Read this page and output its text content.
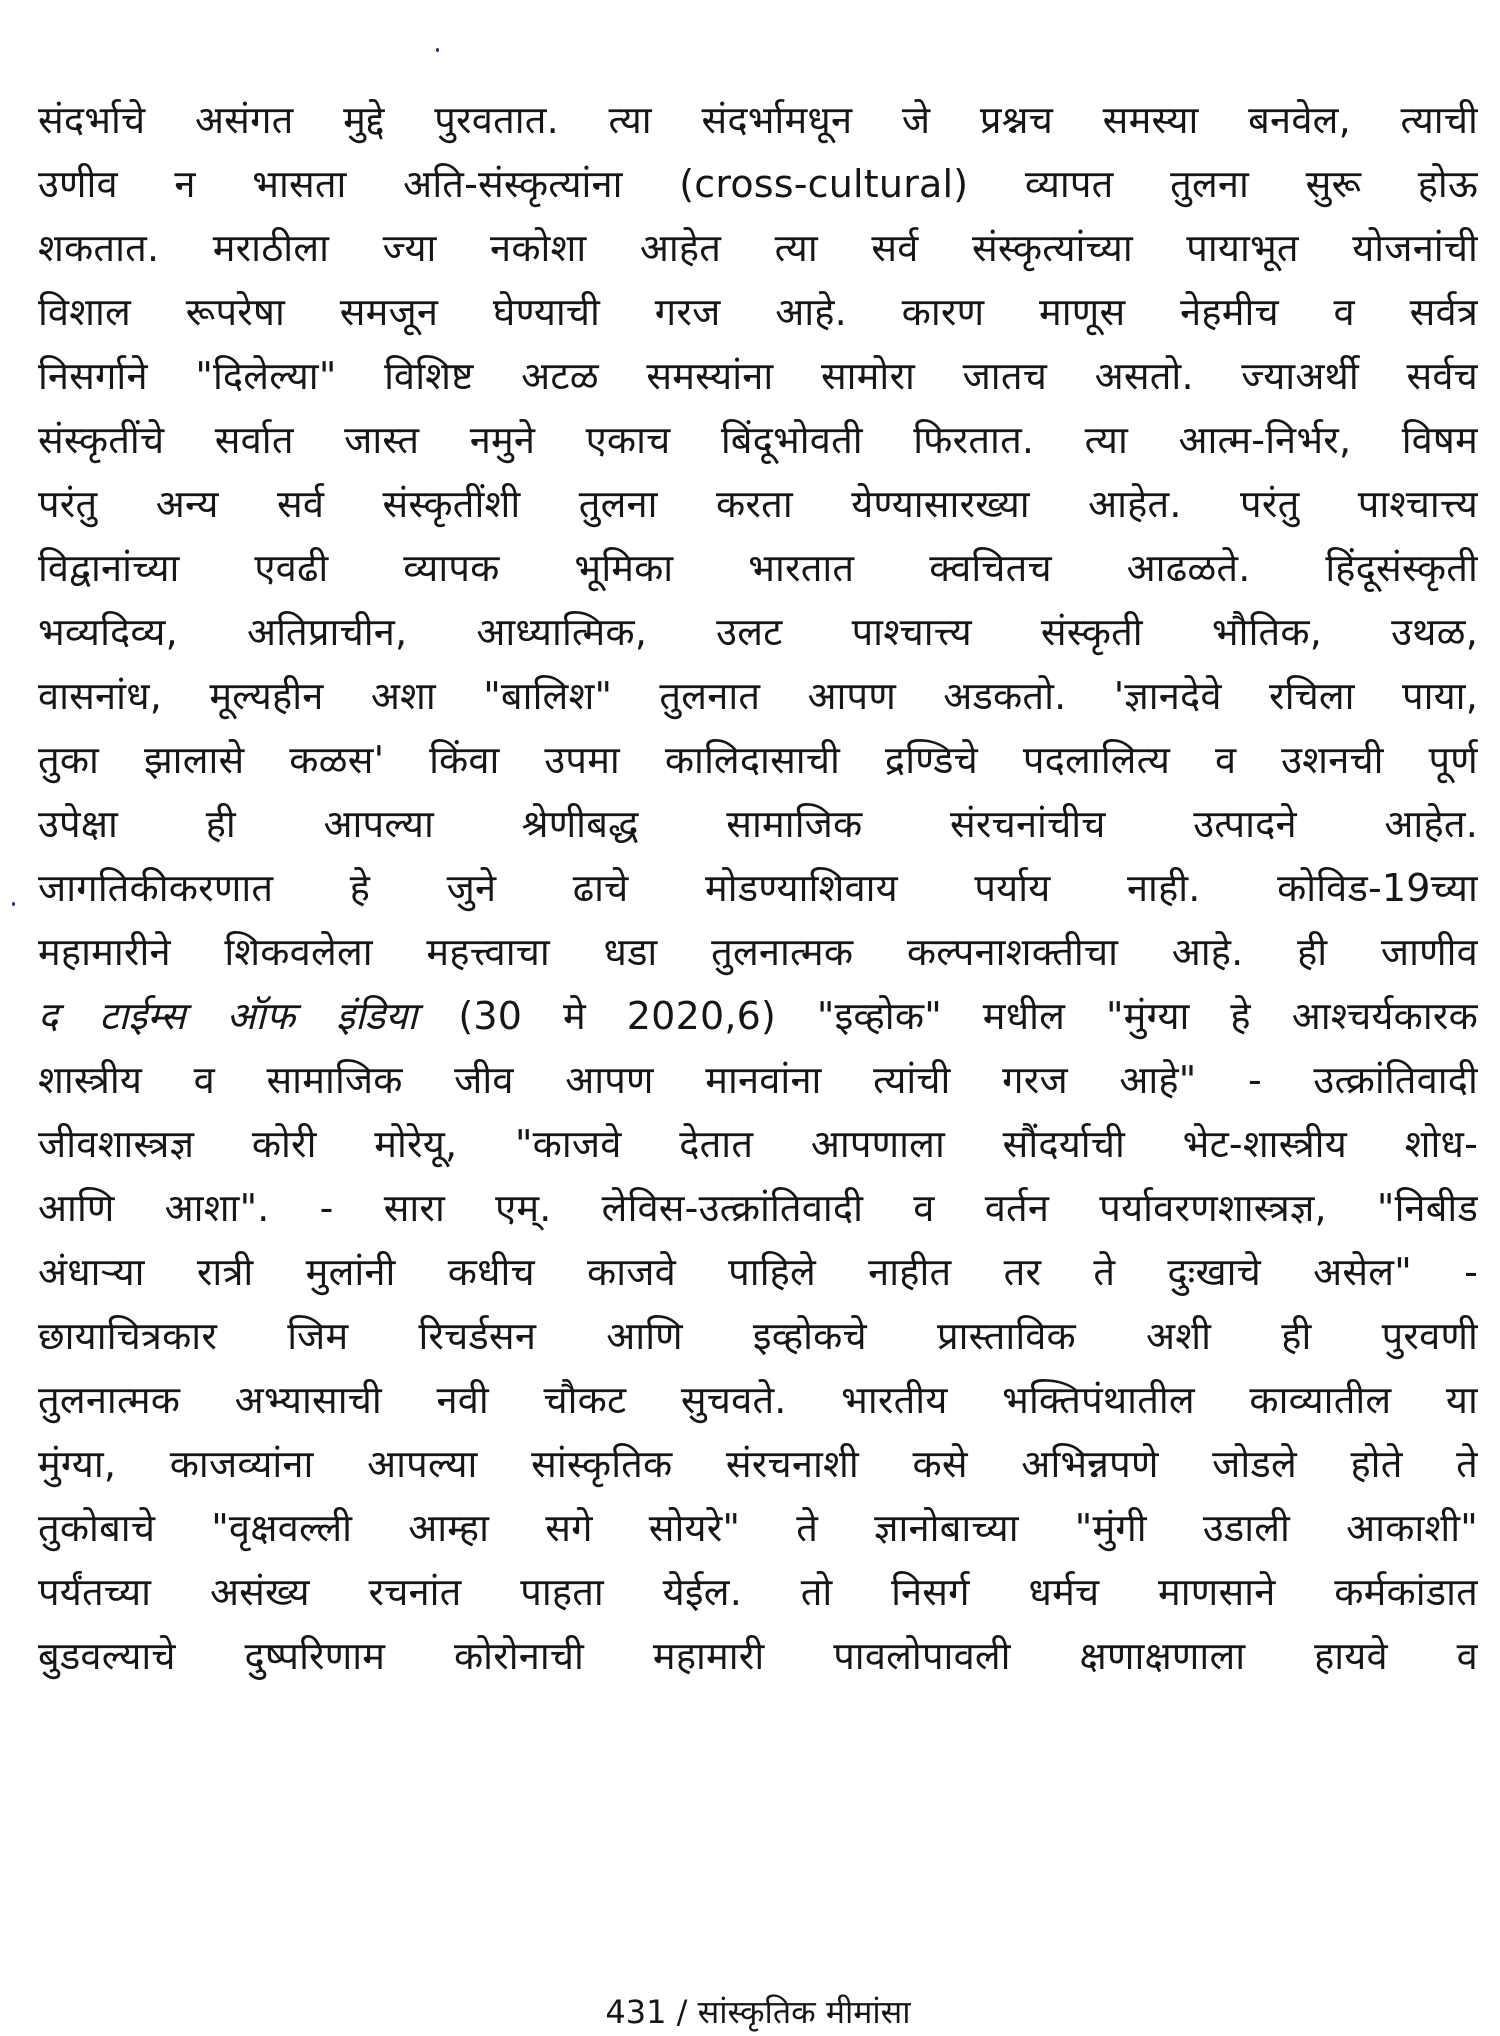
संदर्भाचे असंगत मुद्दे पुरवतात. त्या संदर्भामधून जे प्रश्नच समस्या बनवेल, त्याची
उणीव न भासता अति-संस्कृत्यांना (cross-cultural) व्यापत तुलना सुरू होऊ
शकतात. मराठीला ज्या नकोशा आहेत त्या सर्व संस्कृत्यांच्या पायाभूत योजनांची
विशाल रूपरेषा समजून घेण्याची गरज आहे. कारण माणूस नेहमीच व सर्वत्र
निसर्गाने "दिलेल्या" विशिष्ट अटळ समस्यांना सामोरा जातच असतो. ज्याअर्थी सर्वच
संस्कृतींचे सर्वात जास्त नमुने एकाच बिंदूभोवती फिरतात. त्या आत्म-निर्भर, विषम
परंतु अन्य सर्व संस्कृतींशी तुलना करता येण्यासारख्या आहेत. परंतु पाश्चात्त्य
विद्वानांच्या एवढी व्यापक भूमिका भारतात क्वचितच आढळते. हिंदूसंस्कृती
भव्यदिव्य, अतिप्राचीन, आध्यात्मिक, उलट पाश्चात्त्य संस्कृती भौतिक, उथळ,
वासनांध, मूल्यहीन अशा "बालिश" तुलनात आपण अडकतो. 'ज्ञानदेवे रचिला पाया,
तुका झालासे कळस' किंवा उपमा कालिदासाची द्रण्डिचे पदलालित्य व उशनची पूर्ण
उपेक्षा ही आपल्या श्रेणीबद्ध सामाजिक संरचनांचीच उत्पादने आहेत.
जागतिकीकरणात हे जुने ढाचे मोडण्याशिवाय पर्याय नाही. कोविड-19च्या
महामारीने शिकवलेला महत्त्वाचा धडा तुलनात्मक कल्पनाशक्तीचा आहे. ही जाणीव
द टाईम्स ऑफ इंडिया (30 मे 2020,6) "इव्होक" मधील "मुंग्या हे आश्चर्यकारक
शास्त्रीय व सामाजिक जीव आपण मानवांना त्यांची गरज आहे" - उत्क्रांतिवादी
जीवशास्त्रज्ञ कोरी मोरेयू, "काजवे देतात आपणाला सौंदर्याची भेट-शास्त्रीय शोध-
आणि आशा". - सारा एम्. लेविस-उत्क्रांतिवादी व वर्तन पर्यावरणशास्त्रज्ञ, "निबीड
अंधाऱ्या रात्री मुलांनी कधीच काजवे पाहिले नाहीत तर ते दुःखाचे असेल" -
छायाचित्रकार जिम रिचर्डसन आणि इव्होकचे प्रास्ताविक अशी ही पुरवणी
तुलनात्मक अभ्यासाची नवी चौकट सुचवते. भारतीय भक्तिपंथातील काव्यातील या
मुंग्या, काजव्यांना आपल्या सांस्कृतिक संरचनाशी कसे अभिन्नपणे जोडले होते ते
तुकोबाचे "वृक्षवल्ली आम्हा सगे सोयरे" ते ज्ञानोबाच्या "मुंगी उडाली आकाशी"
पर्यंतच्या असंख्य रचनांत पाहता येईल. तो निसर्ग धर्मच माणसाने कर्मकांडात
बुडवल्याचे दुष्परिणाम कोरोनाची महामारी पावलोपावली क्षणाक्षणाला हायवे व
431 / सांस्कृतिक मीमांसा
